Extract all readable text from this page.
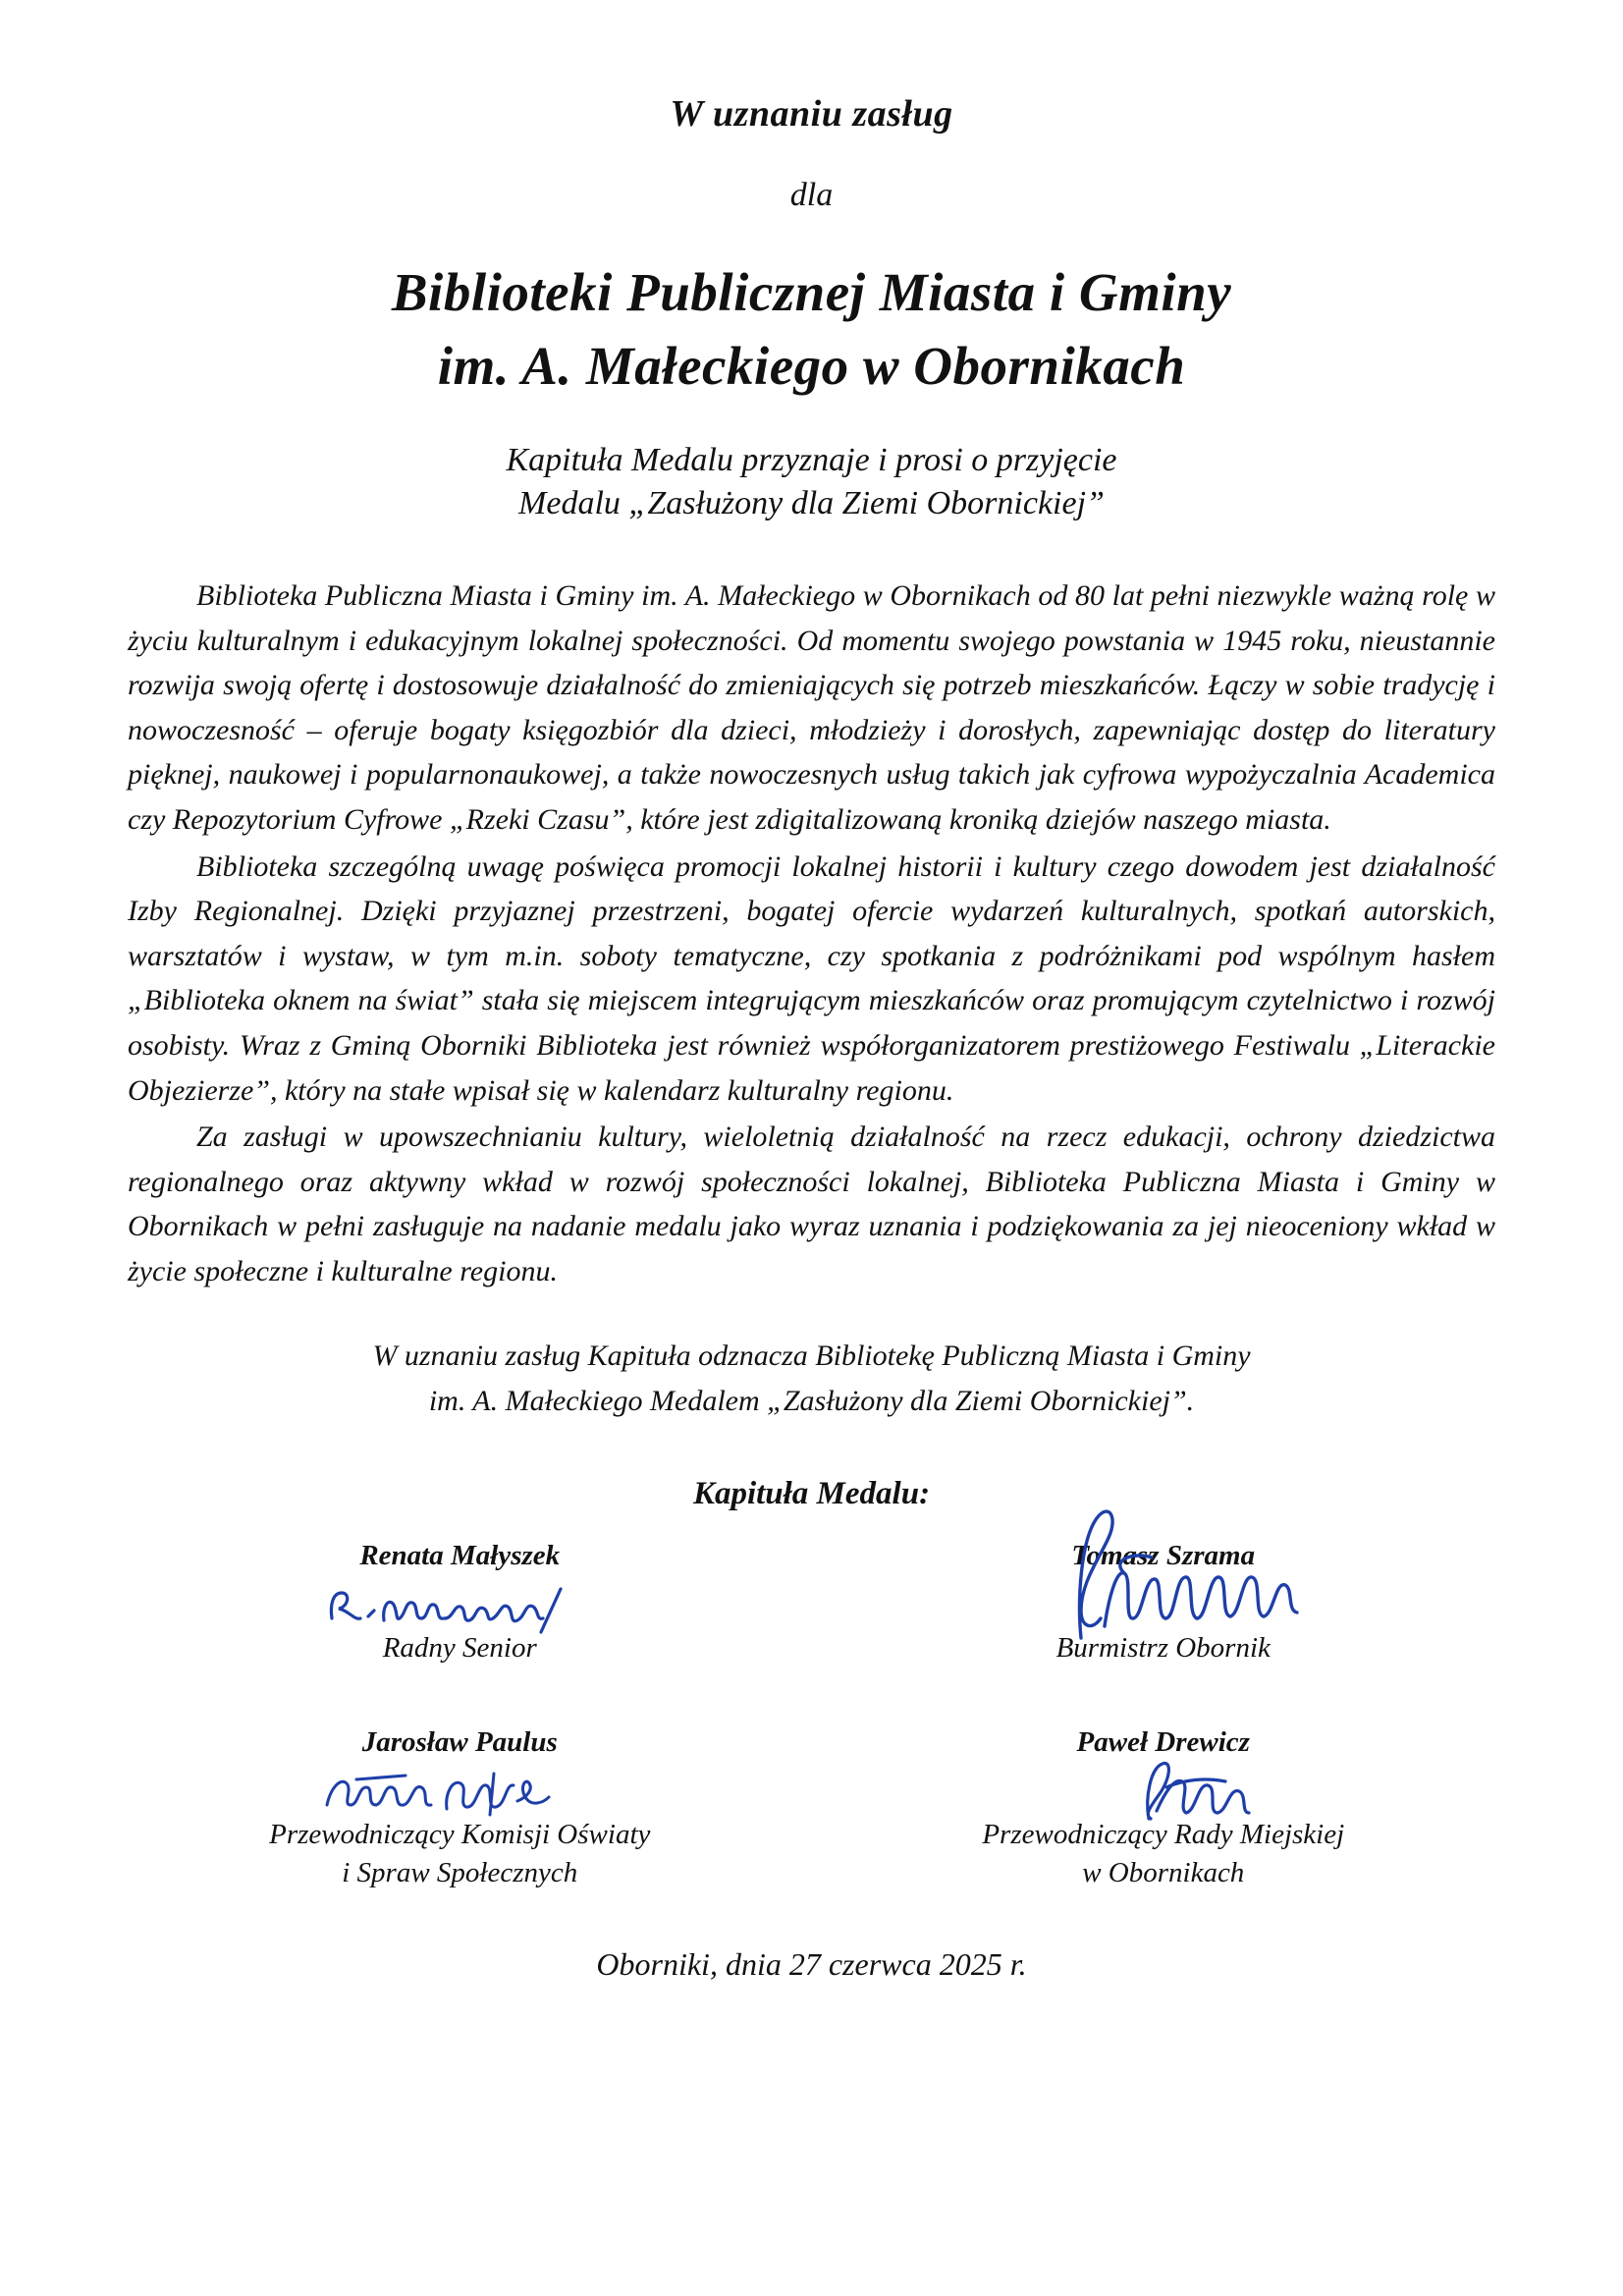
W uznaniu zasług
dla
Biblioteki Publicznej Miasta i Gminy
im. A. Małeckiego w Obornikach
Kapituła Medalu przyznaje i prosi o przyjęcie
Medalu „Zasłużony dla Ziemi Obornickiej”

Biblioteka Publiczna Miasta i Gminy im. A. Małeckiego w Obornikach od 80 lat pełni niezwykle ważną rolę w życiu kulturalnym i edukacyjnym lokalnej społeczności. Od momentu swojego powstania w 1945 roku, nieustannie rozwija swoją ofertę i dostosowuje działalność do zmieniających się potrzeb mieszkańców. Łączy w sobie tradycję i nowoczesność – oferuje bogaty księgozbiór dla dzieci, młodzieży i dorosłych, zapewniając dostęp do literatury pięknej, naukowej i popularnonaukowej, a także nowoczesnych usług takich jak cyfrowa wypożyczalnia Academica czy Repozytorium Cyfrowe „Rzeki Czasu”, które jest zdigitalizowaną kroniką dziejów naszego miasta.

Biblioteka szczególną uwagę poświęca promocji lokalnej historii i kultury czego dowodem jest działalność Izby Regionalnej. Dzięki przyjaznej przestrzeni, bogatej ofercie wydarzeń kulturalnych, spotkań autorskich, warsztatów i wystaw, w tym m.in. soboty tematyczne, czy spotkania z podróżnikami pod wspólnym hasłem „Biblioteka oknem na świat” stała się miejscem integrującym mieszkańców oraz promującym czytelnictwo i rozwój osobisty. Wraz z Gminą Oborniki Biblioteka jest również współorganizatorem prestiżowego Festiwalu „Literackie Objezierze”, który na stałe wpisał się w kalendarz kulturalny regionu.

Za zasługi w upowszechnianiu kultury, wieloletnią działalność na rzecz edukacji, ochrony dziedzictwa regionalnego oraz aktywny wkład w rozwój społeczności lokalnej, Biblioteka Publiczna Miasta i Gminy w Obornikach w pełni zasługuje na nadanie medalu jako wyraz uznania i podziękowania za jej nieoceniony wkład w życie społeczne i kulturalne regionu.

W uznaniu zasług Kapituła odznacza Bibliotekę Publiczną Miasta i Gminy
im. A. Małeckiego Medalem „Zasłużony dla Ziemi Obornickiej”.
Kapituła Medalu:
Renata Małyszek
Radny Senior
Tomasz Szrama
Burmistrz Obornik
Jarosław Paulus
Przewodniczący Komisji Oświaty
i Spraw Społecznych
Paweł Drewicz
Przewodniczący Rady Miejskiej
w Obornikach
Oborniki, dnia 27 czerwca 2025 r.
